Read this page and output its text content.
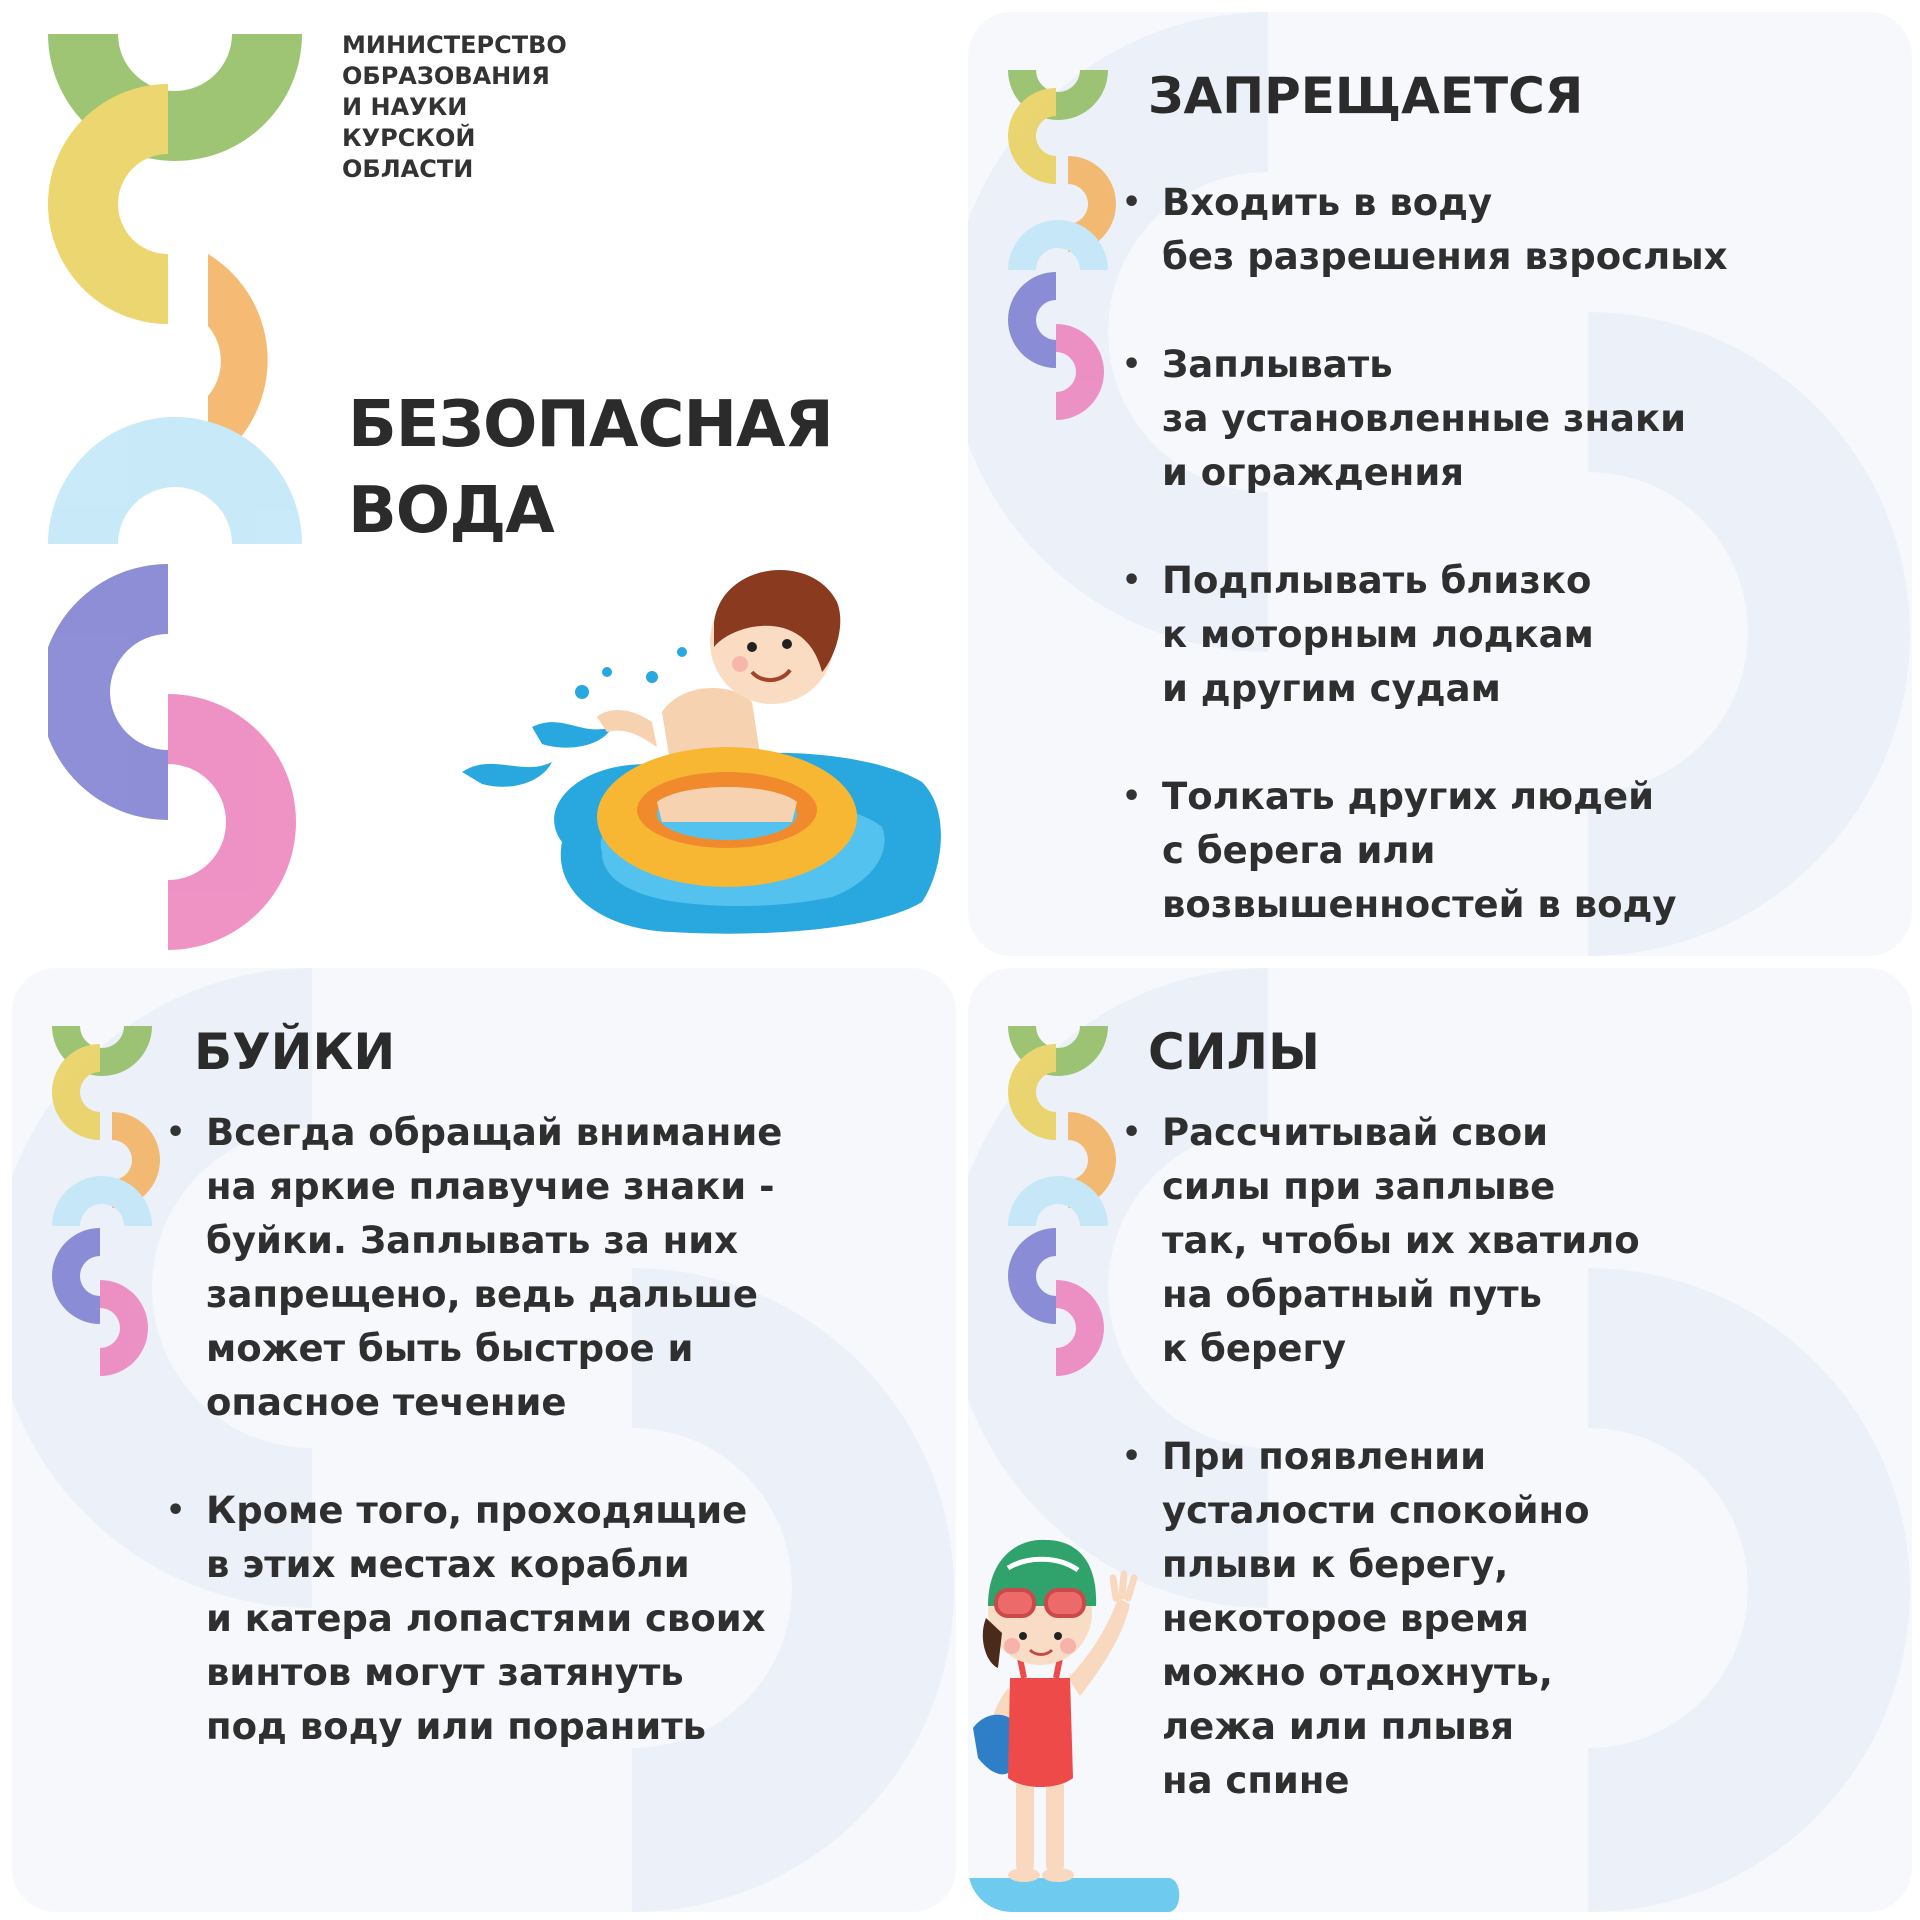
МИНИСТЕРСТВО
ОБРАЗОВАНИЯ
И НАУКИ
КУРСКОЙ
ОБЛАСТИ
БЕЗОПАСНАЯ
ВОДА
ЗАПРЕЩАЕТСЯ
• Входить в воду
без разрешения взрослых
• Заплывать
за установленные знаки
и ограждения
• Подплывать близко
к моторным лодкам
и другим судам
• Толкать других людей
с берега или
возвышенностей в воду
БУЙКИ
• Всегда обращай внимание
на яркие плавучие знаки -
буйки. Заплывать за них
запрещено, ведь дальше
может быть быстрое и
опасное течение
• Кроме того, проходящие
в этих местах корабли
и катера лопастями своих
винтов могут затянуть
под воду или поранить
СИЛЫ
• Рассчитывай свои
силы при заплыве
так, чтобы их хватило
на обратный путь
к берегу
• При появлении
усталости спокойно
плыви к берегу,
некоторое время
можно отдохнуть,
лежа или плывя
на спине
